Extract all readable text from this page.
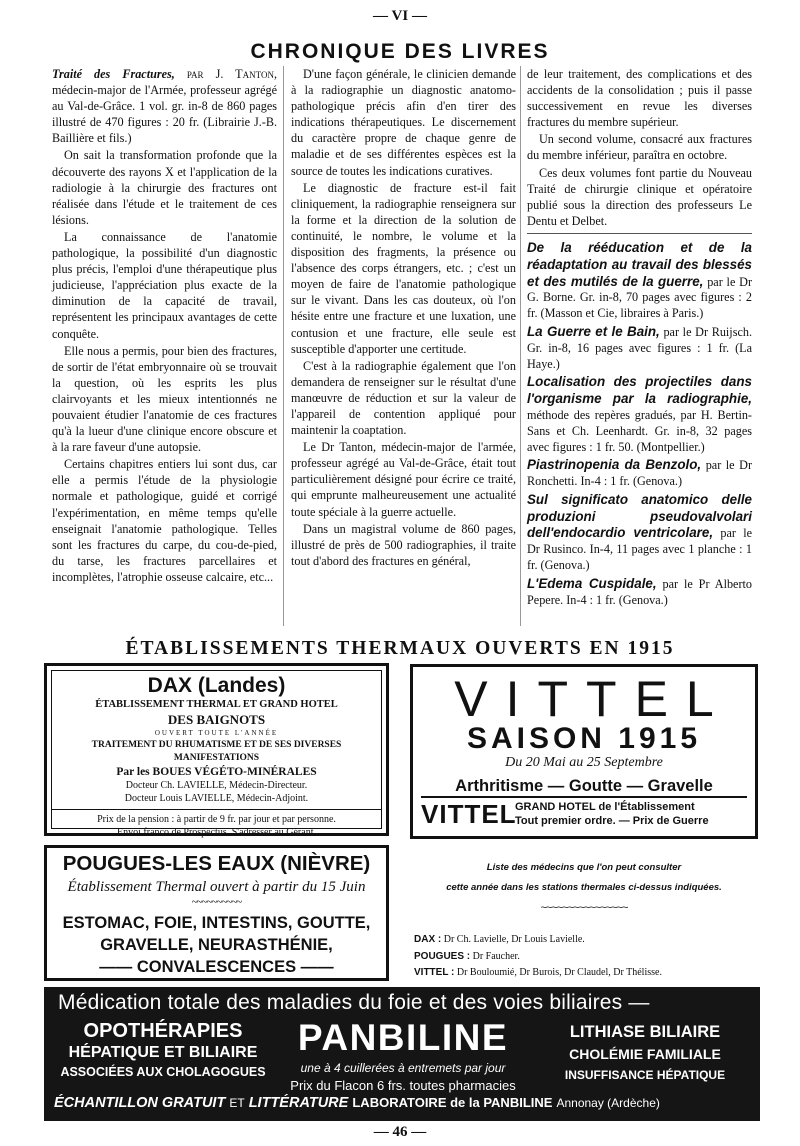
— VI —
CHRONIQUE DES LIVRES

Traité des Fractures, par J. Tanton, médecin-major de l'Armée, professeur agrégé au Val-de-Grâce. 1 vol. gr. in-8 de 860 pages illustré de 470 figures : 20 fr. (Librairie J.-B. Baillière et fils.)

On sait la transformation profonde que la découverte des rayons X et l'application de la radiologie à la chirurgie des fractures ont réalisée dans l'étude et le traitement de ces lésions.

La connaissance de l'anatomie pathologique, la possibilité d'un diagnostic plus précis, l'emploi d'une thérapeutique plus judicieuse, l'appréciation plus exacte de la diminution de la capacité de travail, représentent les principaux avantages de cette conquête.

Elle nous a permis, pour bien des fractures, de sortir de l'état embryonnaire où se trouvait la question, où les esprits les plus clairvoyants et les mieux intentionnés ne pouvaient étudier l'anatomie de ces fractures qu'à la lueur d'une clinique encore obscure et à la rare faveur d'une autopsie.

Certains chapitres entiers lui sont dus, car elle a permis l'étude de la physiologie normale et pathologique, guidé et corrigé l'expérimentation, en même temps qu'elle enseignait l'anatomie pathologique. Telles sont les fractures du carpe, du cou-de-pied, du tarse, les fractures parcellaires et incomplètes, l'atrophie osseuse calcaire, etc...

D'une façon générale, le clinicien demande à la radiographie un diagnostic anatomo-pathologique précis afin d'en tirer des indications thérapeutiques. Le discernement du caractère propre de chaque genre de maladie et de ses différentes espèces est la source de toutes les indications curatives.

Le diagnostic de fracture est-il fait cliniquement, la radiographie renseignera sur la forme et la direction de la solution de continuité, le nombre, le volume et la disposition des fragments, la présence ou l'absence des corps étrangers, etc. ; c'est un moyen de faire de l'anatomie pathologique sur le vivant. Dans les cas douteux, où l'on hésite entre une fracture et une luxation, une contusion et une fracture, elle seule est susceptible d'apporter une certitude.

C'est à la radiographie également que l'on demandera de renseigner sur le résultat d'une manœuvre de réduction et sur la valeur de l'appareil de contention appliqué pour maintenir la coaptation.

Le Dr Tanton, médecin-major de l'armée, professeur agrégé au Val-de-Grâce, était tout particulièrement désigné pour écrire ce traité, qui emprunte malheureusement une actualité toute spéciale à la guerre actuelle.

Dans un magistral volume de 860 pages, illustré de près de 500 radiographies, il traite tout d'abord des fractures en général,

de leur traitement, des complications et des accidents de la consolidation ; puis il passe successivement en revue les diverses fractures du membre supérieur.

Un second volume, consacré aux fractures du membre inférieur, paraîtra en octobre.

Ces deux volumes font partie du Nouveau Traité de chirurgie clinique et opératoire publié sous la direction des professeurs Le Dentu et Delbet.

De la rééducation et de la réadaptation au travail des blessés et des mutilés de la guerre, par le Dr G. Borne. Gr. in-8, 70 pages avec figures : 2 fr. (Masson et Cie, libraires à Paris.)
La Guerre et le Bain, par le Dr Ruijsch. Gr. in-8, 16 pages avec figures : 1 fr. (La Haye.)
Localisation des projectiles dans l'organisme par la radiographie, méthode des repères gradués, par H. Bertin-Sans et Ch. Leenhardt. Gr. in-8, 32 pages avec figures : 1 fr. 50. (Montpellier.)
Piastrinopenia da Benzolo, par le Dr Ronchetti. In-4 : 1 fr. (Genova.)
Sul significato anatomico delle produzioni pseudovalvolari dell'endocardio ventricolare, par le Dr Rusinco. In-4, 11 pages avec 1 planche : 1 fr. (Genova.)
L'Edema Cuspidale, par le Pr Alberto Pepere. In-4 : 1 fr. (Genova.)
ÉTABLISSEMENTS THERMAUX OUVERTS EN 1915
DAX (Landes)
ÉTABLISSEMENT THERMAL ET GRAND HOTEL
DES BAIGNOTS
OUVERT TOUTE L'ANNÉE
TRAITEMENT DU RHUMATISME ET DE SES DIVERSES MANIFESTATIONS
Par les BOUES VÉGÉTO-MINÉRALES
Docteur Ch. LAVIELLE, Médecin-Directeur.
Docteur Louis LAVIELLE, Médecin-Adjoint.
Prix de la pension : à partir de 9 fr. par jour et par personne.
Envoi franco de Prospectus. S'adresser au Gérant.
VITTEL
SAISON 1915
Du 20 Mai au 25 Septembre
Arthritisme — Goutte — Gravelle
VITTEL
GRAND HOTEL de l'Établissement
Tout premier ordre. — Prix de Guerre
POUGUES-LES EAUX (NIÈVRE)
Établissement Thermal ouvert à partir du 15 Juin
~~~~~~~~~~
ESTOMAC, FOIE, INTESTINS, GOUTTE,
GRAVELLE, NEURASTHÉNIE,
—— CONVALESCENCES ——
Liste des médecins que l'on peut consulter
cette année dans les stations thermales ci-dessus indiquées.
~~~~~~~~~~~~~~~~
DAX : Dr Ch. Lavielle, Dr Louis Lavielle.
POUGUES : Dr Faucher.
VITTEL : Dr Bouloumié, Dr Burois, Dr Claudel, Dr Thélisse.
Médication totale des maladies du foie et des voies biliaires —
OPOTHÉRAPIES
HÉPATIQUE ET BILIAIRE
ASSOCIÉES AUX CHOLAGOGUES
PANBILINE
une à 4 cuillerées à entremets par jour
Prix du Flacon 6 frs. toutes pharmacies
LITHIASE BILIAIRE
CHOLÉMIE FAMILIALE
INSUFFISANCE HÉPATIQUE
ÉCHANTILLON GRATUIT ET LITTÉRATURE LABORATOIRE de la PANBILINE Annonay (Ardèche)
— 46 —
